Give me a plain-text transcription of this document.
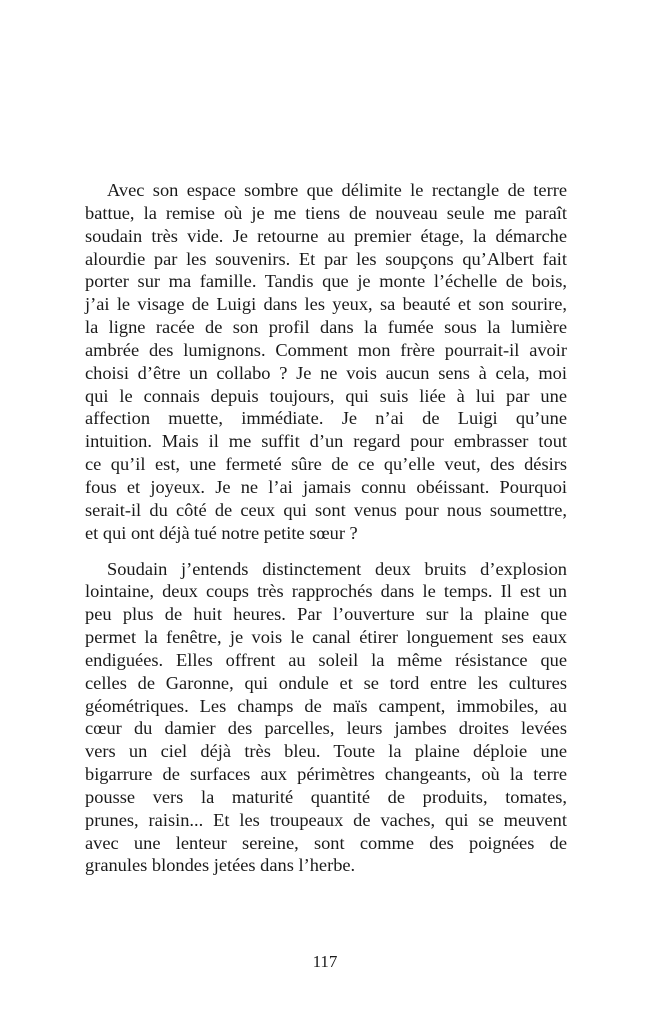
Avec son espace sombre que délimite le rectangle de terre
battue, la remise où je me tiens de nouveau seule me paraît
soudain très vide. Je retourne au premier étage, la démarche
alourdie par les souvenirs. Et par les soupçons qu’Albert fait
porter sur ma famille. Tandis que je monte l’échelle de bois,
j’ai le visage de Luigi dans les yeux, sa beauté et son sourire,
la ligne racée de son profil dans la fumée sous la lumière
ambrée des lumignons. Comment mon frère pourrait-il avoir
choisi d’être un collabo ? Je ne vois aucun sens à cela, moi
qui le connais depuis toujours, qui suis liée à lui par une
affection muette, immédiate. Je n’ai de Luigi qu’une
intuition. Mais il me suffit d’un regard pour embrasser tout
ce qu’il est, une fermeté sûre de ce qu’elle veut, des désirs
fous et joyeux. Je ne l’ai jamais connu obéissant. Pourquoi
serait-il du côté de ceux qui sont venus pour nous soumettre,
et qui ont déjà tué notre petite sœur ?
Soudain j’entends distinctement deux bruits d’explosion
lointaine, deux coups très rapprochés dans le temps. Il est un
peu plus de huit heures. Par l’ouverture sur la plaine que
permet la fenêtre, je vois le canal étirer longuement ses eaux
endiguées. Elles offrent au soleil la même résistance que
celles de Garonne, qui ondule et se tord entre les cultures
géométriques. Les champs de maïs campent, immobiles, au
cœur du damier des parcelles, leurs jambes droites levées
vers un ciel déjà très bleu. Toute la plaine déploie une
bigarrure de surfaces aux périmètres changeants, où la terre
pousse vers la maturité quantité de produits, tomates,
prunes, raisin... Et les troupeaux de vaches, qui se meuvent
avec une lenteur sereine, sont comme des poignées de
granules blondes jetées dans l’herbe.
117
